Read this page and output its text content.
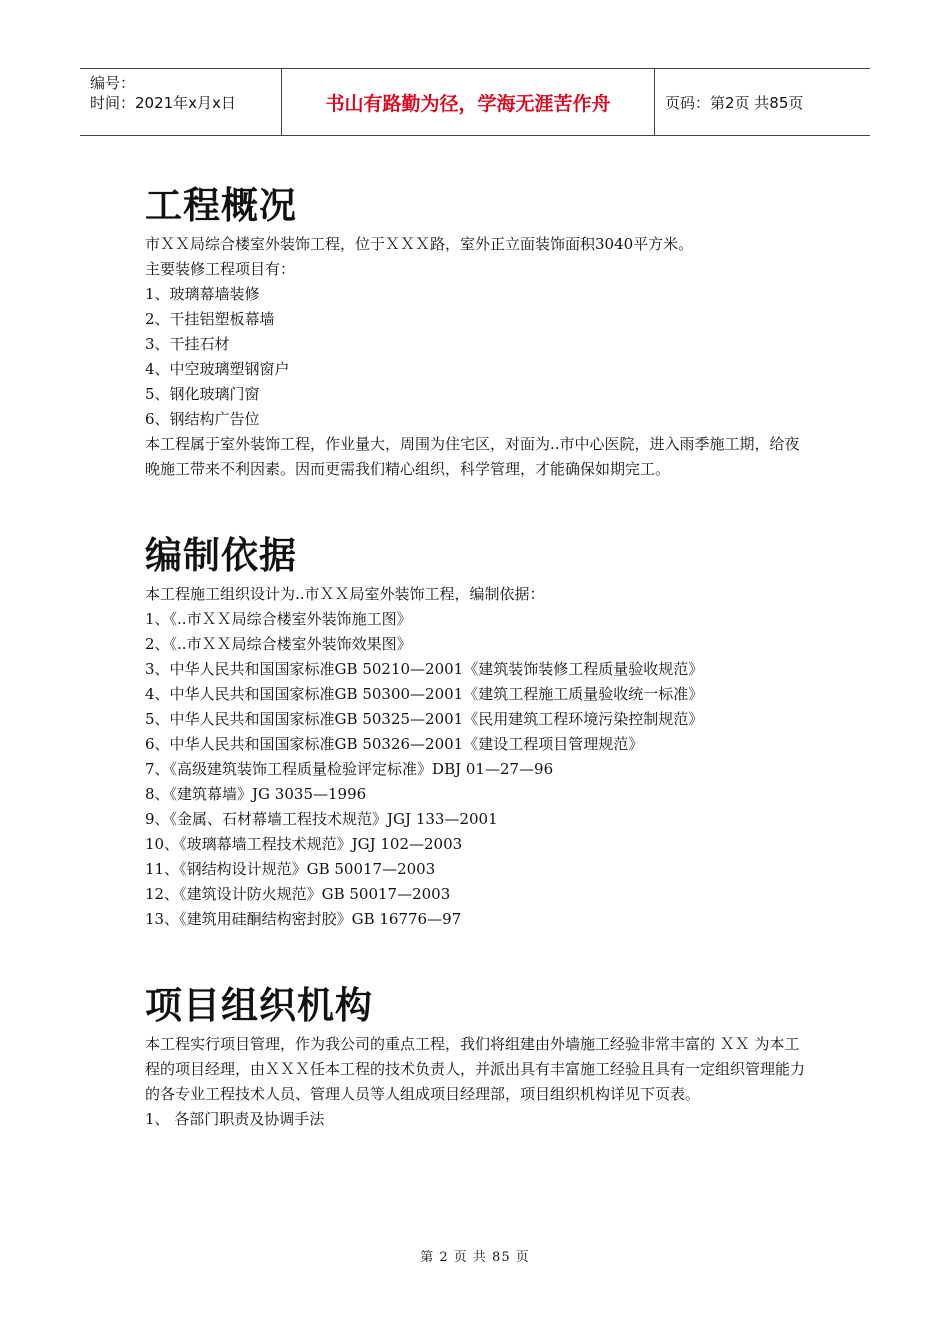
编号：
时间：2021年x月x日	书山有路勤为径，学海无涯苦作舟	页码：第2页 共85页
工程概况

市ＸＸ局综合楼室外装饰工程，位于ＸＸＸ路，室外正立面装饰面积3040平方米。

主要装修工程项目有：

1、玻璃幕墙装修

2、干挂铝塑板幕墙

3、干挂石材

4、中空玻璃塑钢窗户

5、钢化玻璃门窗

6、钢结构广告位

本工程属于室外装饰工程，作业量大，周围为住宅区，对面为..市中心医院，进入雨季施工期，给夜晚施工带来不利因素。因而更需我们精心组织，科学管理，才能确保如期完工。

编制依据

本工程施工组织设计为..市ＸＸ局室外装饰工程，编制依据：

1、《..市ＸＸ局综合楼室外装饰施工图》

2、《..市ＸＸ局综合楼室外装饰效果图》

3、中华人民共和国国家标准GB 50210—2001《建筑装饰装修工程质量验收规范》

4、中华人民共和国国家标准GB 50300—2001《建筑工程施工质量验收统一标准》

5、中华人民共和国国家标准GB 50325—2001《民用建筑工程环境污染控制规范》

6、中华人民共和国国家标准GB 50326—2001《建设工程项目管理规范》

7、《高级建筑装饰工程质量检验评定标准》DBJ 01—27—96

8、《建筑幕墙》JG 3035—1996

9、《金属、石材幕墙工程技术规范》JGJ 133—2001

10、《玻璃幕墙工程技术规范》JGJ 102—2003

11、《钢结构设计规范》GB 50017—2003

12、《建筑设计防火规范》GB 50017—2003

13、《建筑用硅酮结构密封胶》GB 16776—97

项目组织机构

本工程实行项目管理，作为我公司的重点工程，我们将组建由外墙施工经验非常丰富的 ＸＸ 为本工程的项目经理，由ＸＸＸ任本工程的技术负责人，并派出具有丰富施工经验且具有一定组织管理能力的各专业工程技术人员、管理人员等人组成项目经理部，项目组织机构详见下页表。

1、 各部门职责及协调手法

第 2 页 共 85 页
